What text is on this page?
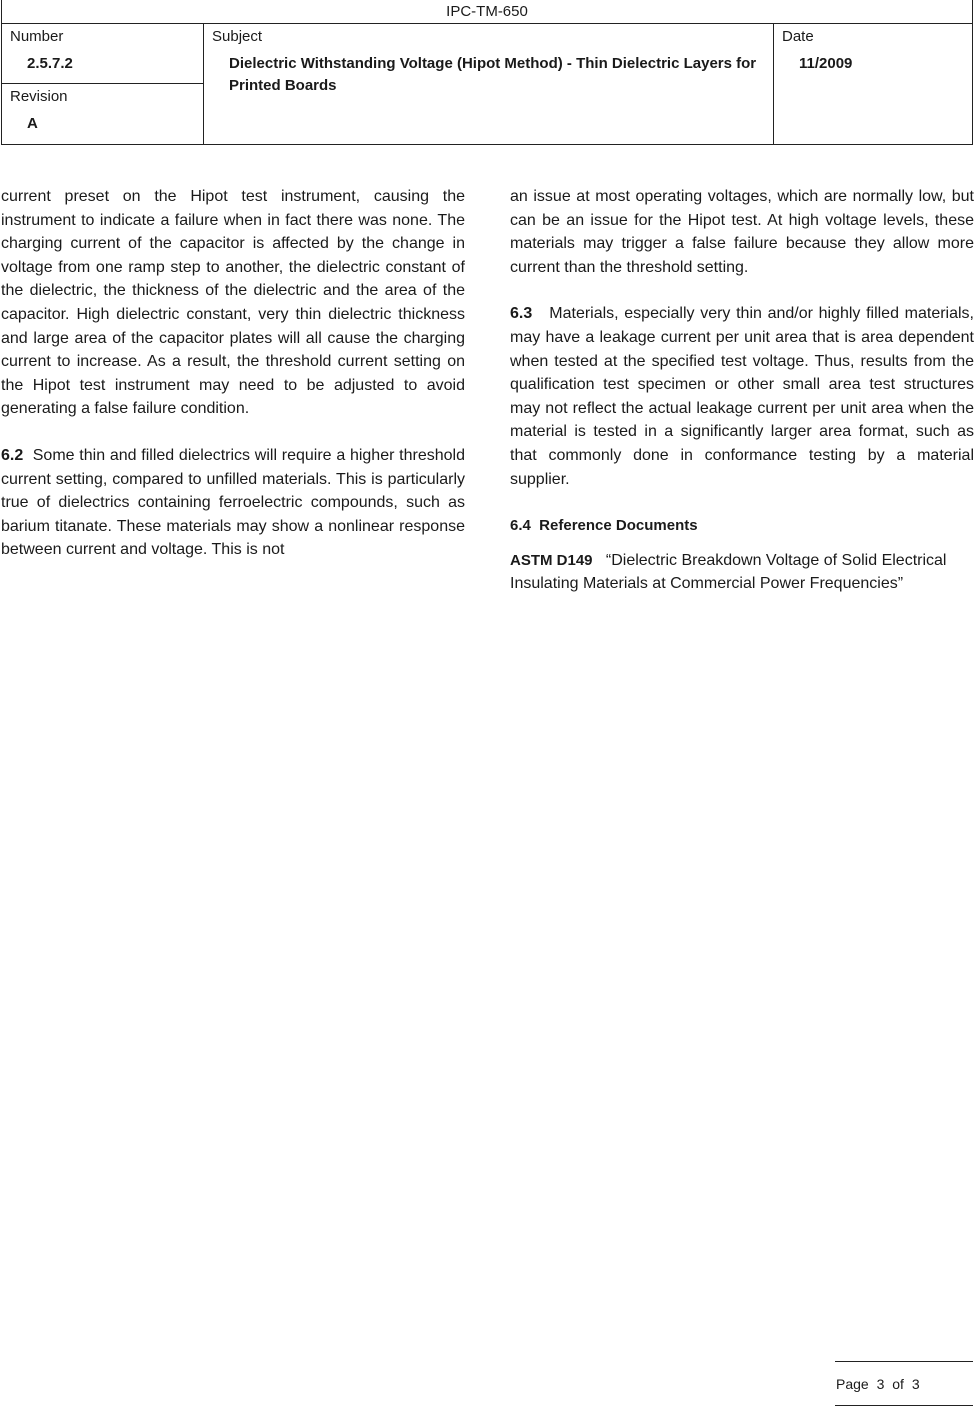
IPC-TM-650
Number
2.5.7.2
Revision
A
Subject
Dielectric Withstanding Voltage (Hipot Method) - Thin Dielectric Layers for Printed Boards
Date
11/2009

current preset on the Hipot test instrument, causing the instrument to indicate a failure when in fact there was none. The charging current of the capacitor is affected by the change in voltage from one ramp step to another, the dielectric constant of the dielectric, the thickness of the dielectric and the area of the capacitor. High dielectric constant, very thin dielectric thickness and large area of the capacitor plates will all cause the charging current to increase. As a result, the threshold current setting on the Hipot test instrument may need to be adjusted to avoid generating a false failure condition.

6.2 Some thin and filled dielectrics will require a higher threshold current setting, compared to unfilled materials. This is particularly true of dielectrics containing ferroelectric compounds, such as barium titanate. These materials may show a nonlinear response between current and voltage. This is not

an issue at most operating voltages, which are normally low, but can be an issue for the Hipot test. At high voltage levels, these materials may trigger a false failure because they allow more current than the threshold setting.

6.3 Materials, especially very thin and/or highly filled materials, may have a leakage current per unit area that is area dependent when tested at the specified test voltage. Thus, results from the qualification test specimen or other small area test structures may not reflect the actual leakage current per unit area when the material is tested in a significantly larger area format, such as that commonly done in conformance testing by a material supplier.

6.4  Reference Documents

ASTM D149 “Dielectric Breakdown Voltage of Solid Electrical Insulating Materials at Commercial Power Frequencies”

Page 3 of 3
